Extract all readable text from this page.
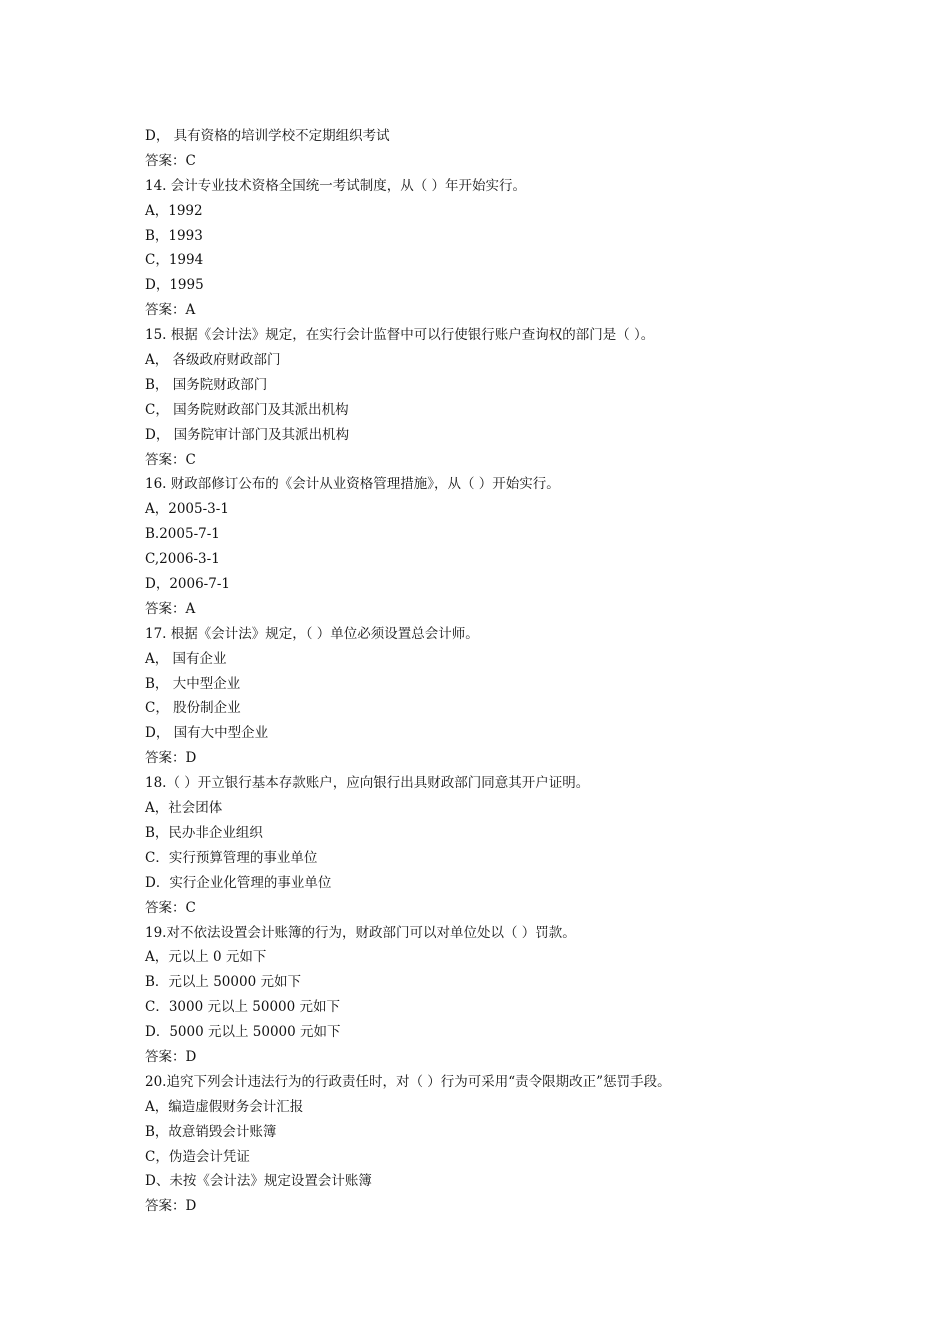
D， 具有资格的培训学校不定期组织考试
答案：C
14. 会计专业技术资格全国统一考试制度，从（ ）年开始实行。
A，1992
B，1993
C，1994
D，1995
答案：A
15. 根据《会计法》规定，在实行会计监督中可以行使银行账户查询权的部门是（ ）。
A， 各级政府财政部门
B， 国务院财政部门
C， 国务院财政部门及其派出机构
D， 国务院审计部门及其派出机构
答案：C
16. 财政部修订公布的《会计从业资格管理措施》，从（ ）开始实行。
A，2005-3-1
B.2005-7-1
C,2006-3-1
D，2006-7-1
答案：A
17. 根据《会计法》规定，（ ）单位必须设置总会计师。
A， 国有企业
B， 大中型企业
C， 股份制企业
D， 国有大中型企业
答案：D
18.（ ）开立银行基本存款账户，应向银行出具财政部门同意其开户证明。
A，社会团体
B，民办非企业组织
C．实行预算管理的事业单位
D．实行企业化管理的事业单位
答案：C
19.对不依法设置会计账簿的行为，财政部门可以对单位处以（ ）罚款。
A，元以上 0 元如下
B．元以上 50000 元如下
C．3000 元以上 50000 元如下
D．5000 元以上 50000 元如下
答案：D
20.追究下列会计违法行为的行政责任时，对（ ）行为可采用“责令限期改正”惩罚手段。
A，编造虚假财务会计汇报
B，故意销毁会计账簿
C，伪造会计凭证
D、未按《会计法》规定设置会计账簿
答案：D
